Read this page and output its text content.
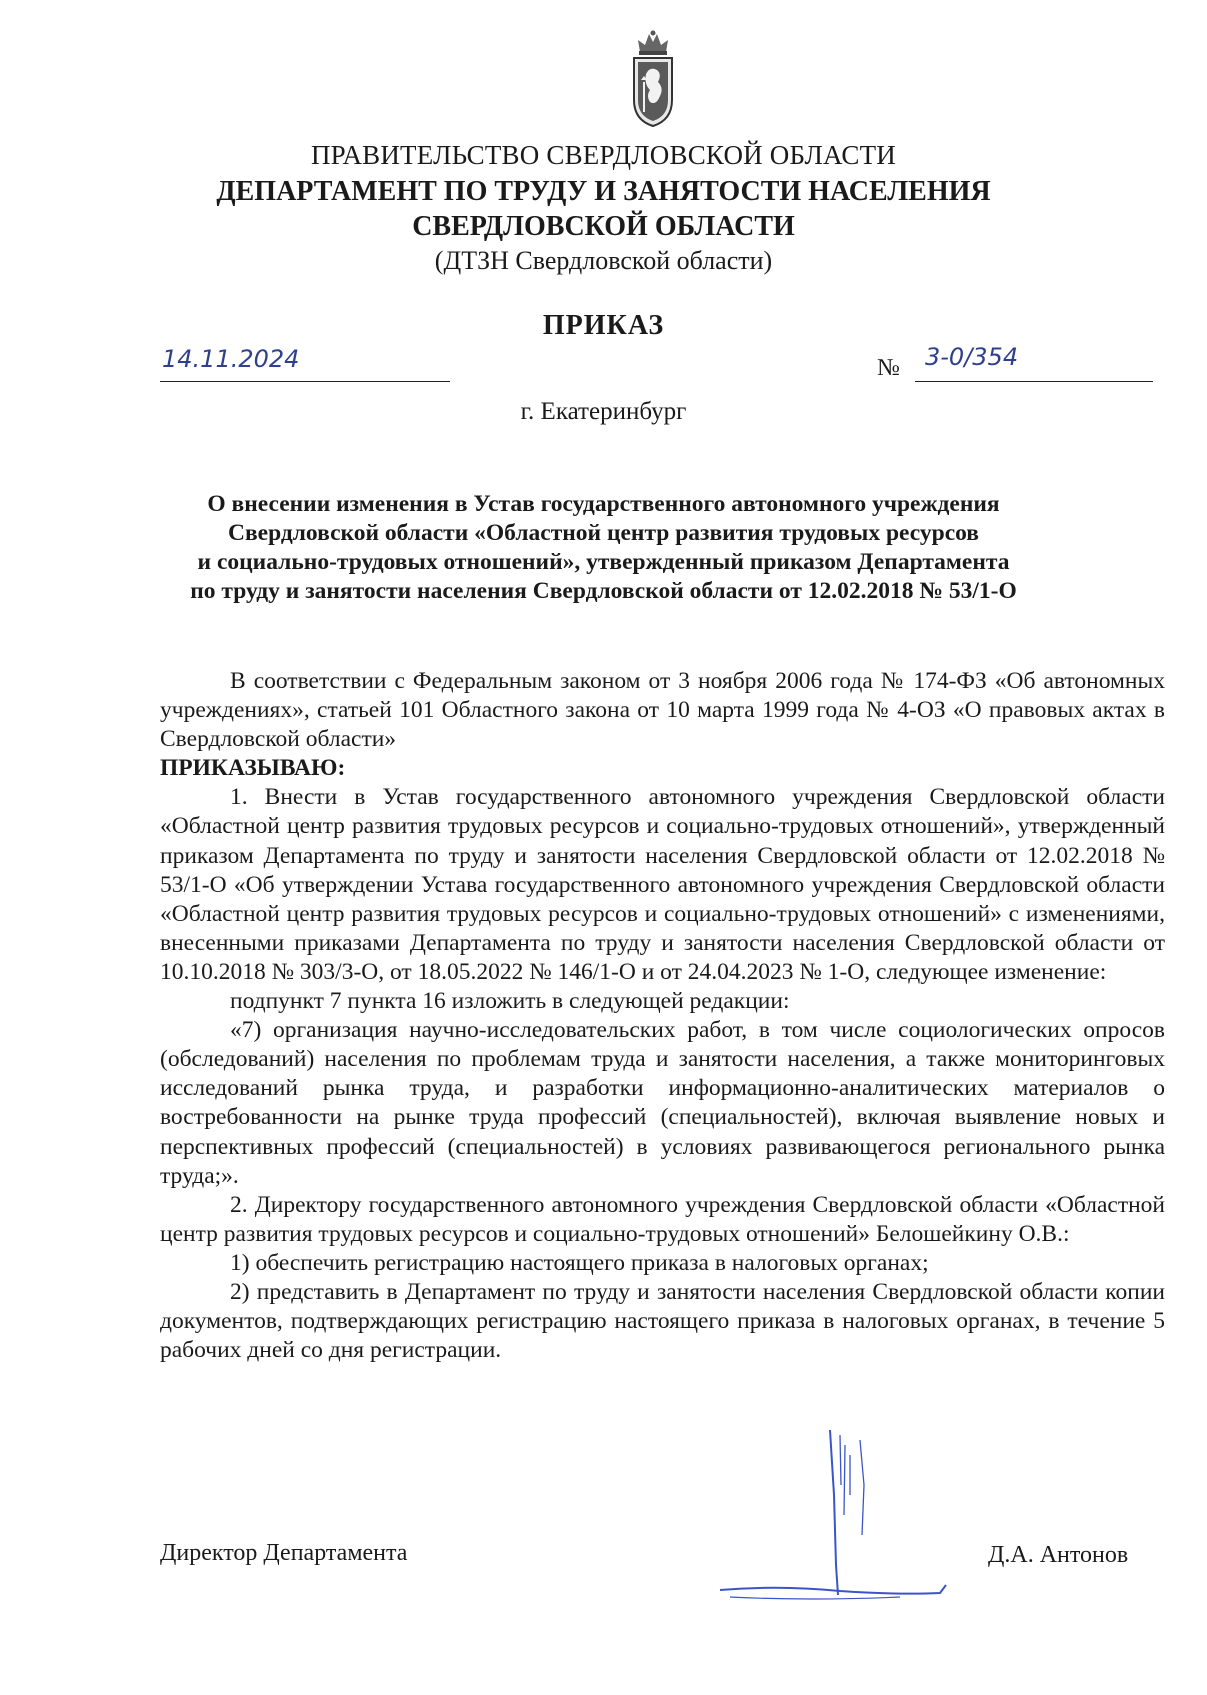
ПРАВИТЕЛЬСТВО СВЕРДЛОВСКОЙ ОБЛАСТИ
ДЕПАРТАМЕНТ ПО ТРУДУ И ЗАНЯТОСТИ НАСЕЛЕНИЯ
СВЕРДЛОВСКОЙ ОБЛАСТИ
(ДТЗН Свердловской области)
ПРИКАЗ
14.11.2024	№ 3-0/354
г. Екатеринбург
О внесении изменения в Устав государственного автономного учреждения
Свердловской области «Областной центр развития трудовых ресурсов
и социально-трудовых отношений», утвержденный приказом Департамента
по труду и занятости населения Свердловской области от 12.02.2018 № 53/1-О

В соответствии с Федеральным законом от 3 ноября 2006 года № 174-ФЗ «Об автономных учреждениях», статьей 101 Областного закона от 10 марта 1999 года № 4-ОЗ «О правовых актах в Свердловской области»

ПРИКАЗЫВАЮ:

1. Внести в Устав государственного автономного учреждения Свердловской области «Областной центр развития трудовых ресурсов и социально-трудовых отношений», утвержденный приказом Департамента по труду и занятости населения Свердловской области от 12.02.2018 № 53/1-О «Об утверждении Устава государственного автономного учреждения Свердловской области «Областной центр развития трудовых ресурсов и социально-трудовых отношений» с изменениями, внесенными приказами Департамента по труду и занятости населения Свердловской области от 10.10.2018 № 303/3-О, от 18.05.2022 № 146/1-О и от 24.04.2023 № 1-О, следующее изменение:

подпункт 7 пункта 16 изложить в следующей редакции:

«7) организация научно-исследовательских работ, в том числе социологических опросов (обследований) населения по проблемам труда и занятости населения, а также мониторинговых исследований рынка труда, и разработки информационно-аналитических материалов о востребованности на рынке труда профессий (специальностей), включая выявление новых и перспективных профессий (специальностей) в условиях развивающегося регионального рынка труда;».

2. Директору государственного автономного учреждения Свердловской области «Областной центр развития трудовых ресурсов и социально-трудовых отношений» Белошейкину О.В.:

1) обеспечить регистрацию настоящего приказа в налоговых органах;

2) представить в Департамент по труду и занятости населения Свердловской области копии документов, подтверждающих регистрацию настоящего приказа в налоговых органах, в течение 5 рабочих дней со дня регистрации.

Директор Департамента	Д.А. Антонов
